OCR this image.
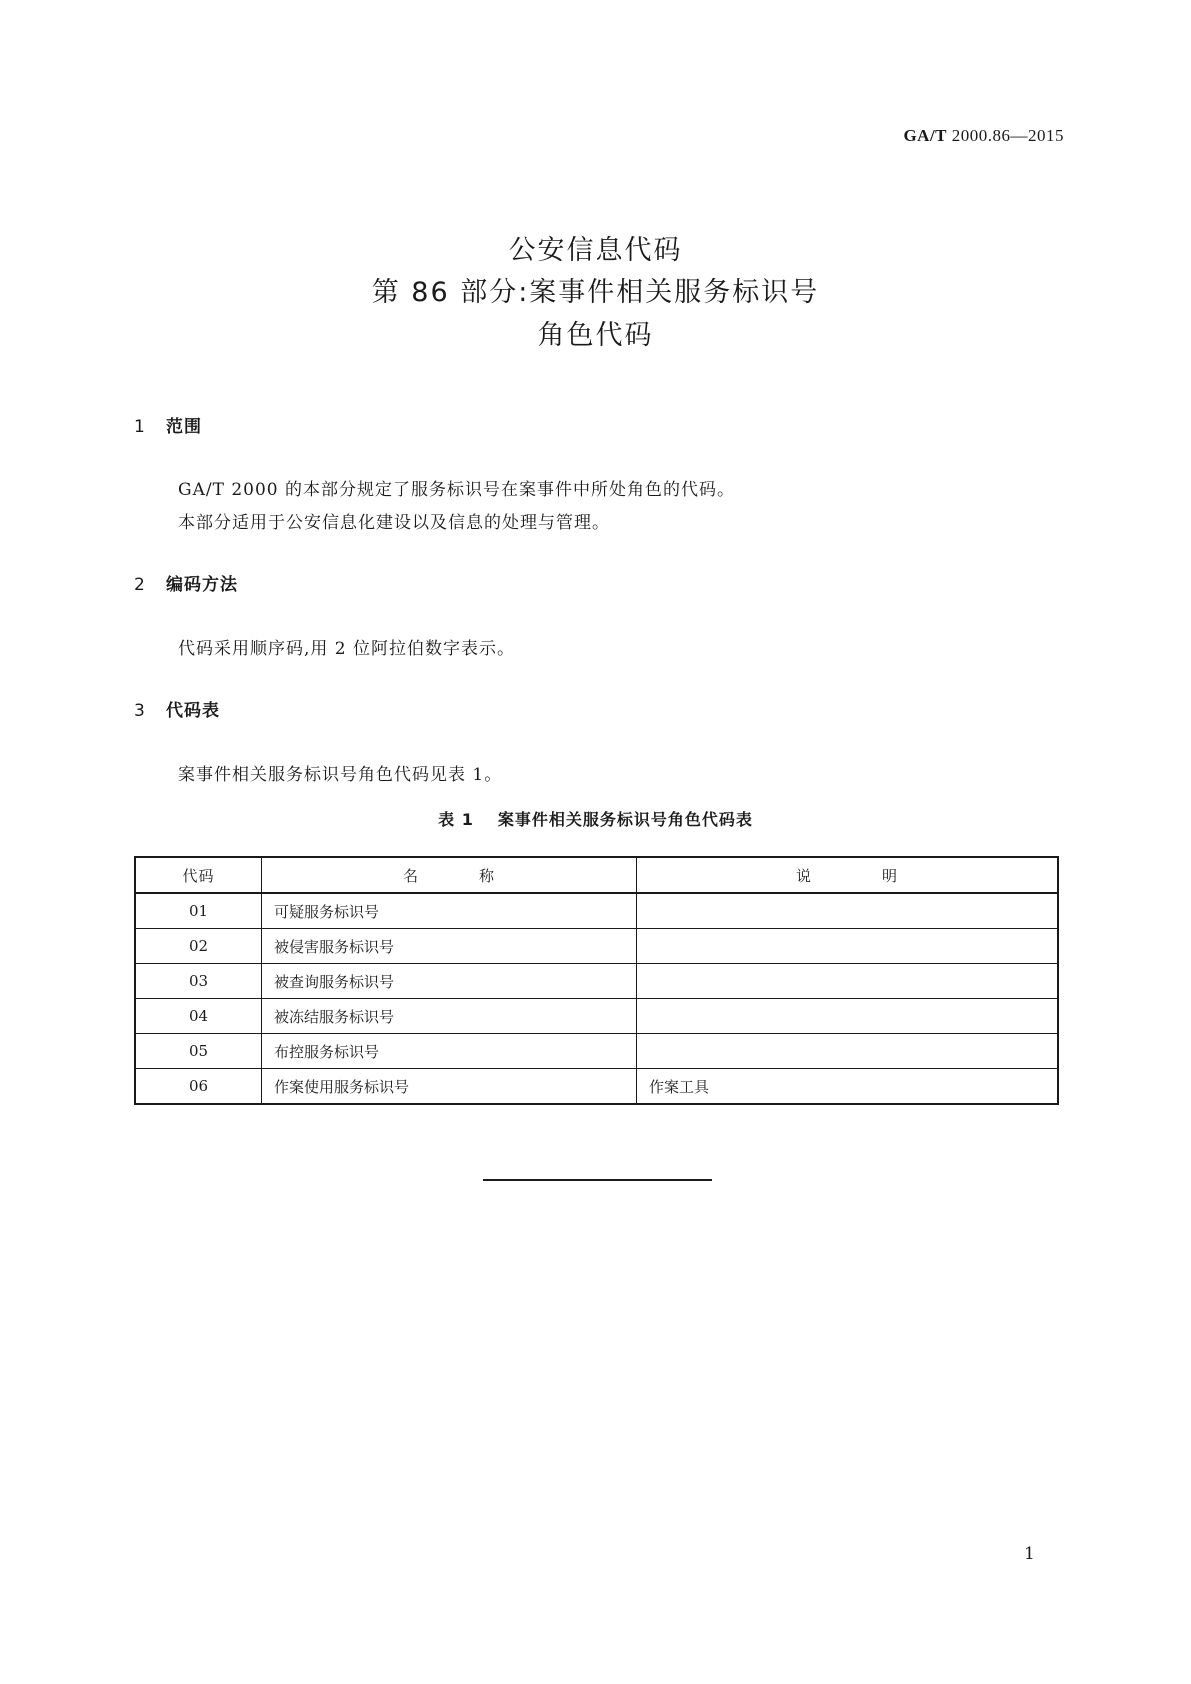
GA/T 2000.86—2015
公安信息代码
第 86 部分:案事件相关服务标识号
角色代码
1 范围
GA/T 2000 的本部分规定了服务标识号在案事件中所处角色的代码。
本部分适用于公安信息化建设以及信息的处理与管理。
2 编码方法
代码采用顺序码,用 2 位阿拉伯数字表示。
3 代码表
案事件相关服务标识号角色代码见表 1。
表 1 案事件相关服务标识号角色代码表
代码	名 称	说 明
01	可疑服务标识号	
02	被侵害服务标识号	
03	被查询服务标识号	
04	被冻结服务标识号	
05	布控服务标识号	
06	作案使用服务标识号	作案工具
1
